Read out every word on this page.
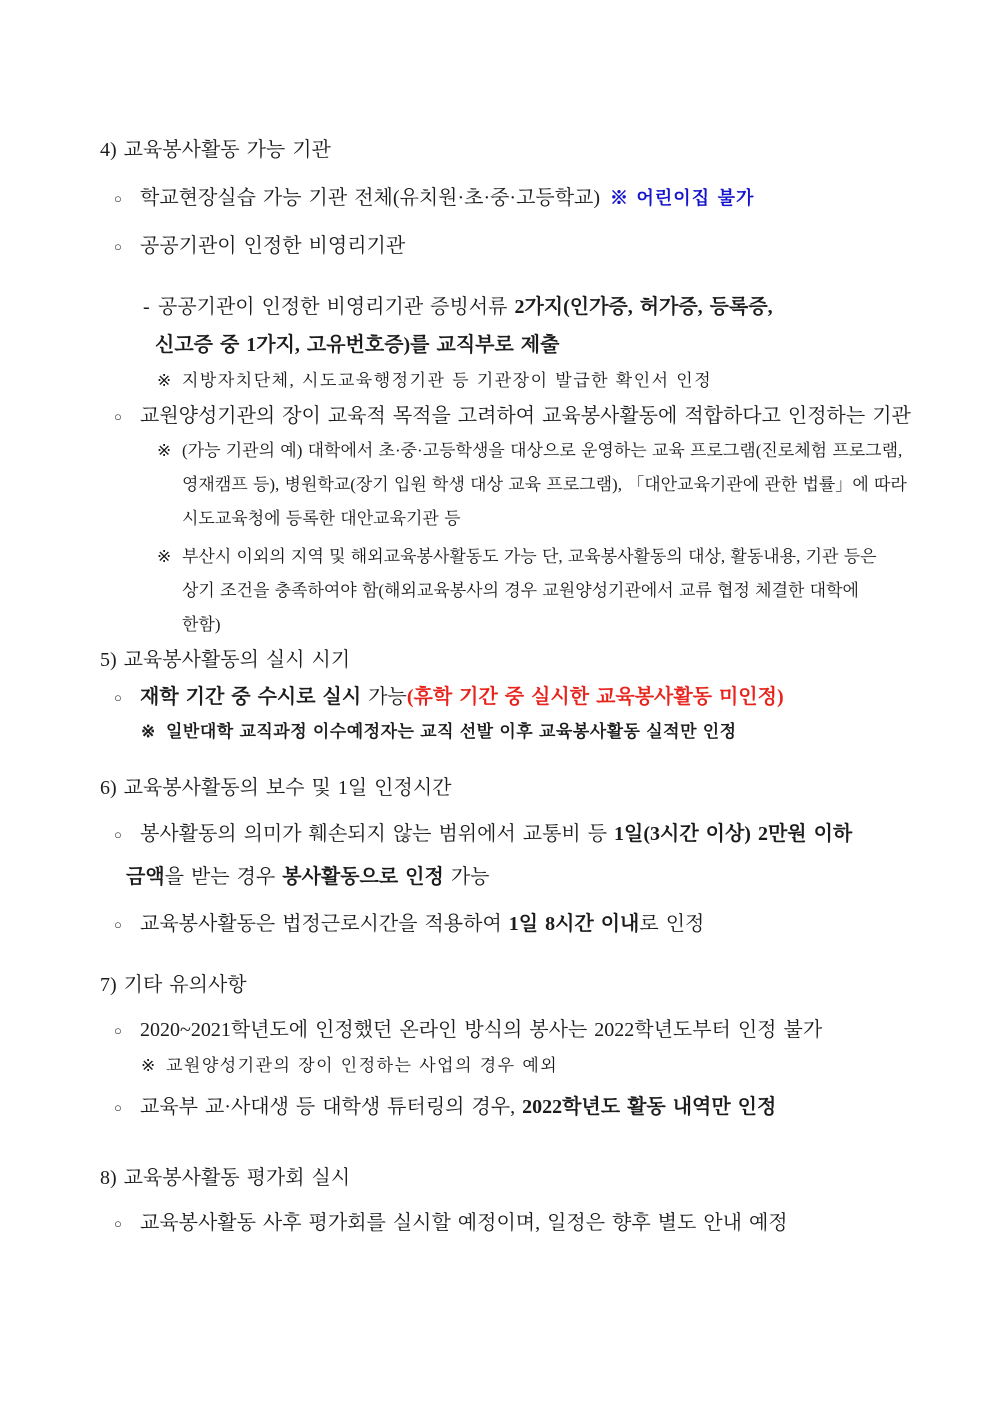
4) 교육봉사활동 가능 기관
○ 학교현장실습 가능 기관 전체(유치원·초·중·고등학교) ※ 어린이집 불가
○ 공공기관이 인정한 비영리기관
- 공공기관이 인정한 비영리기관 증빙서류 2가지(인가증, 허가증, 등록증,
신고증 중 1가지, 고유번호증)를 교직부로 제출
※ 지방자치단체, 시도교육행정기관 등 기관장이 발급한 확인서 인정
○ 교원양성기관의 장이 교육적 목적을 고려하여 교육봉사활동에 적합하다고 인정하는 기관
※ (가능 기관의 예) 대학에서 초·중·고등학생을 대상으로 운영하는 교육 프로그램(진로체험 프로그램,
영재캠프 등), 병원학교(장기 입원 학생 대상 교육 프로그램), 「대안교육기관에 관한 법률」에 따라
시도교육청에 등록한 대안교육기관 등
※ 부산시 이외의 지역 및 해외교육봉사활동도 가능 단, 교육봉사활동의 대상, 활동내용, 기관 등은
상기 조건을 충족하여야 함(해외교육봉사의 경우 교원양성기관에서 교류 협정 체결한 대학에
한함)
5) 교육봉사활동의 실시 시기
○ 재학 기간 중 수시로 실시 가능(휴학 기간 중 실시한 교육봉사활동 미인정)
※ 일반대학 교직과정 이수예정자는 교직 선발 이후 교육봉사활동 실적만 인정
6) 교육봉사활동의 보수 및 1일 인정시간
○ 봉사활동의 의미가 훼손되지 않는 범위에서 교통비 등 1일(3시간 이상) 2만원 이하
금액을 받는 경우 봉사활동으로 인정 가능
○ 교육봉사활동은 법정근로시간을 적용하여 1일 8시간 이내로 인정
7) 기타 유의사항
○ 2020~2021학년도에 인정했던 온라인 방식의 봉사는 2022학년도부터 인정 불가
※ 교원양성기관의 장이 인정하는 사업의 경우 예외
○ 교육부 교·사대생 등 대학생 튜터링의 경우, 2022학년도 활동 내역만 인정
8) 교육봉사활동 평가회 실시
○ 교육봉사활동 사후 평가회를 실시할 예정이며, 일정은 향후 별도 안내 예정
